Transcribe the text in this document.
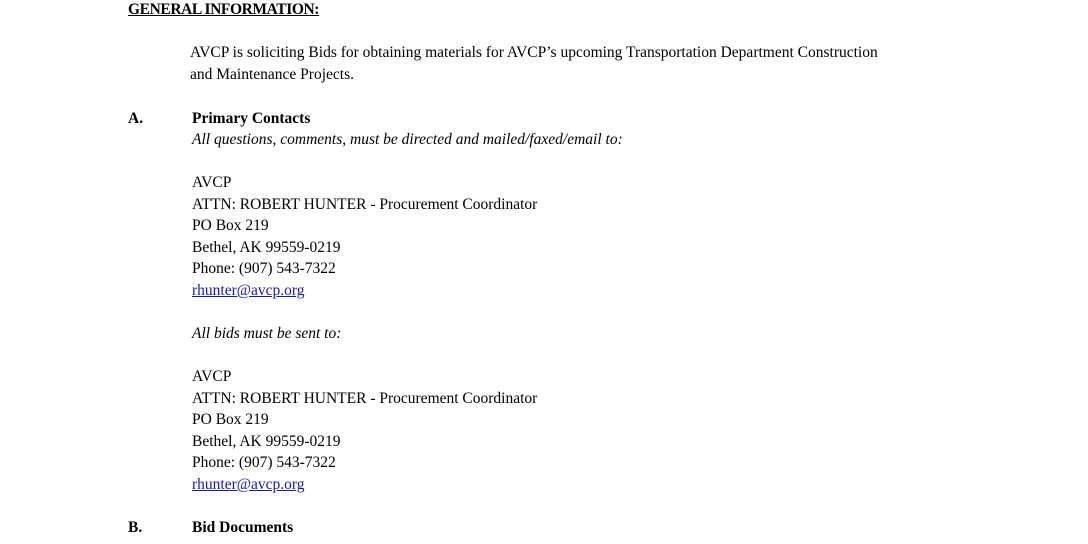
GENERAL INFORMATION:
AVCP is soliciting Bids for obtaining materials for AVCP’s upcoming Transportation Department Construction
and Maintenance Projects.
A.	Primary Contacts
All questions, comments, must be directed and mailed/faxed/email to:
AVCP
ATTN: ROBERT HUNTER - Procurement Coordinator
PO Box 219
Bethel, AK 99559-0219
Phone: (907) 543-7322
rhunter@avcp.org
All bids must be sent to:
AVCP
ATTN: ROBERT HUNTER - Procurement Coordinator
PO Box 219
Bethel, AK 99559-0219
Phone: (907) 543-7322
rhunter@avcp.org
B.	Bid Documents
